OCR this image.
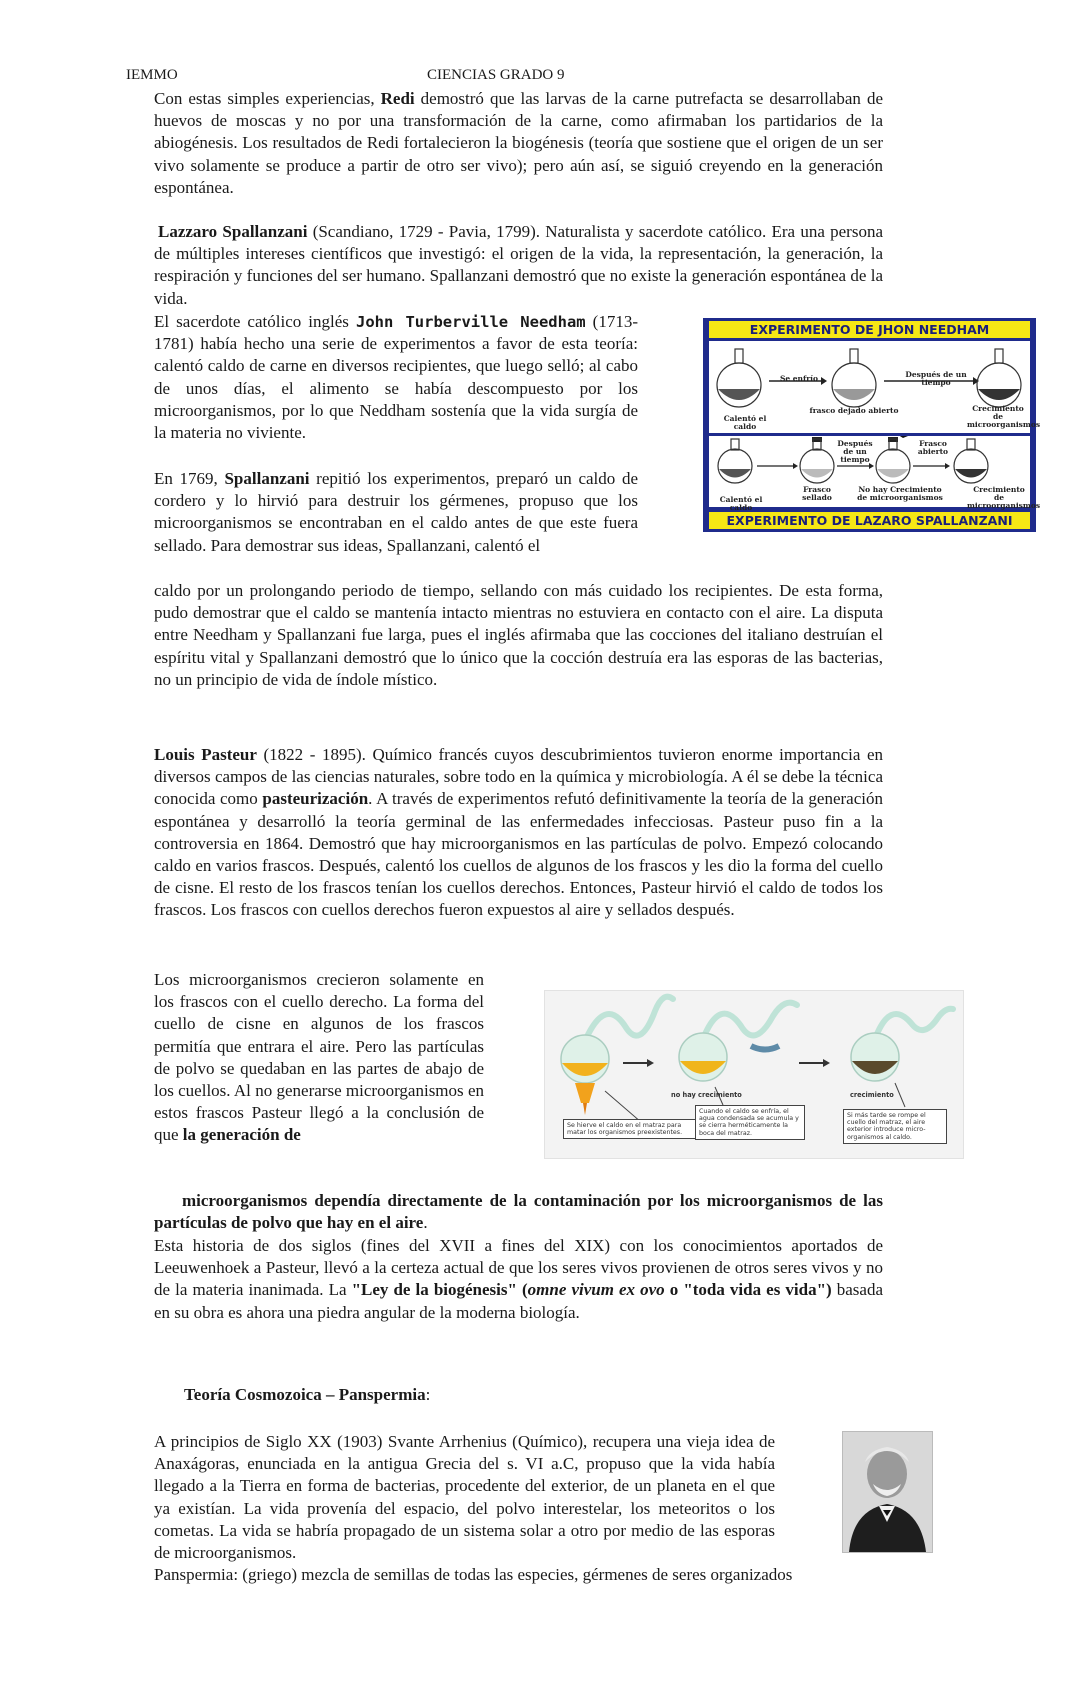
IEMMO	CIENCIAS GRADO 9
Con estas simples experiencias, Redi demostró que las larvas de la carne putrefacta se desarrollaban de huevos de moscas y no por una transformación de la carne, como afirmaban los partidarios de la abiogénesis. Los resultados de Redi fortalecieron la biogénesis (teoría que sostiene que el origen de un ser vivo solamente se produce a partir de otro ser vivo); pero aún así, se siguió creyendo en la generación espontánea.
Lazzaro Spallanzani (Scandiano, 1729 - Pavia, 1799). Naturalista y sacerdote católico. Era una persona de múltiples intereses científicos que investigó: el origen de la vida, la representación, la generación, la respiración y funciones del ser humano. Spallanzani demostró que no existe la generación espontánea de la vida.
El sacerdote católico inglés John Turberville Needham (1713- 1781) había hecho una serie de experimentos a favor de esta teoría: calentó caldo de carne en diversos recipientes, que luego selló; al cabo de unos días, el alimento se había descompuesto por los microorganismos, por lo que Neddham sostenía que la vida surgía de la materia no viviente.
En 1769, Spallanzani repitió los experimentos, preparó un caldo de cordero y lo hirvió para destruir los gérmenes, propuso que los microorganismos se encontraban en el caldo antes de que este fuera sellado. Para demostrar sus ideas, Spallanzani, calentó el
caldo por un prolongando periodo de tiempo, sellando con más cuidado los recipientes. De esta forma, pudo demostrar que el caldo se mantenía intacto mientras no estuviera en contacto con el aire. La disputa entre Needham y Spallanzani fue larga, pues el inglés afirmaba que las cocciones del italiano destruían el espíritu vital y Spallanzani demostró que lo único que la cocción destruía era las esporas de las bacterias, no un principio de vida de índole místico.
EXPERIMENTO DE JHON NEEDHAM
Calentó el caldo
Se enfrío
frasco dejado abierto
Después de un tiempo
Crecimiento de microorganismos
Calentó el caldo
Frasco sellado
Después de un tiempo
No hay Crecimiento de microorganismos
Frasco abierto
Crecimiento de microorganismos
EXPERIMENTO DE LAZARO SPALLANZANI
Louis Pasteur (1822 - 1895). Químico francés cuyos descubrimientos tuvieron enorme importancia en diversos campos de las ciencias naturales, sobre todo en la química y microbiología. A él se debe la técnica conocida como pasteurización. A través de experimentos refutó definitivamente la teoría de la generación espontánea y desarrolló la teoría germinal de las enfermedades infecciosas. Pasteur puso fin a la controversia en 1864. Demostró que hay microorganismos en las partículas de polvo. Empezó colocando caldo en varios frascos. Después, calentó los cuellos de algunos de los frascos y les dio la forma del cuello de cisne. El resto de los frascos tenían los cuellos derechos. Entonces, Pasteur hirvió el caldo de todos los frascos. Los frascos con cuellos derechos fueron expuestos al aire y sellados después.
Los microorganismos crecieron solamente en los frascos con el cuello derecho. La forma del cuello de cisne en algunos de los frascos permitía que entrara el aire. Pero las partículas de polvo se quedaban en las partes de abajo de los cuellos. Al no generarse microorganismos en estos frascos Pasteur llegó a la conclusión de que la generación de
microorganismos dependía directamente de la contaminación por los microorganismos de las partículas de polvo que hay en el aire.
Esta historia de dos siglos (fines del XVII a fines del XIX) con los conocimientos aportados de Leeuwenhoek a Pasteur, llevó a la certeza actual de que los seres vivos provienen de otros seres vivos y no de la materia inanimada. La "Ley de la biogénesis" (omne vivum ex ovo o "toda vida es vida") basada en su obra es ahora una piedra angular de la moderna biología.
Se hierve el caldo en el matraz para matar los organismos preexistentes.
no hay crecimiento
Cuando el caldo se enfría, el agua condensada se acumula y se cierra herméticamente la boca del matraz.
crecimiento
Si más tarde se rompe el cuello del matraz, el aire exterior introduce micro-organismos al caldo.
Teoría Cosmozoica – Panspermia:
A principios de Siglo XX (1903) Svante Arrhenius (Químico), recupera una vieja idea de Anaxágoras, enunciada en la antigua Grecia del s. VI a.C, propuso que la vida había llegado a la Tierra en forma de bacterias, procedente del exterior, de un planeta en el que ya existían. La vida provenía del espacio, del polvo interestelar, los meteoritos o los cometas. La vida se habría propagado de un sistema solar a otro por medio de las esporas de microorganismos.
Panspermia: (griego) mezcla de semillas de todas las especies, gérmenes de seres organizados
